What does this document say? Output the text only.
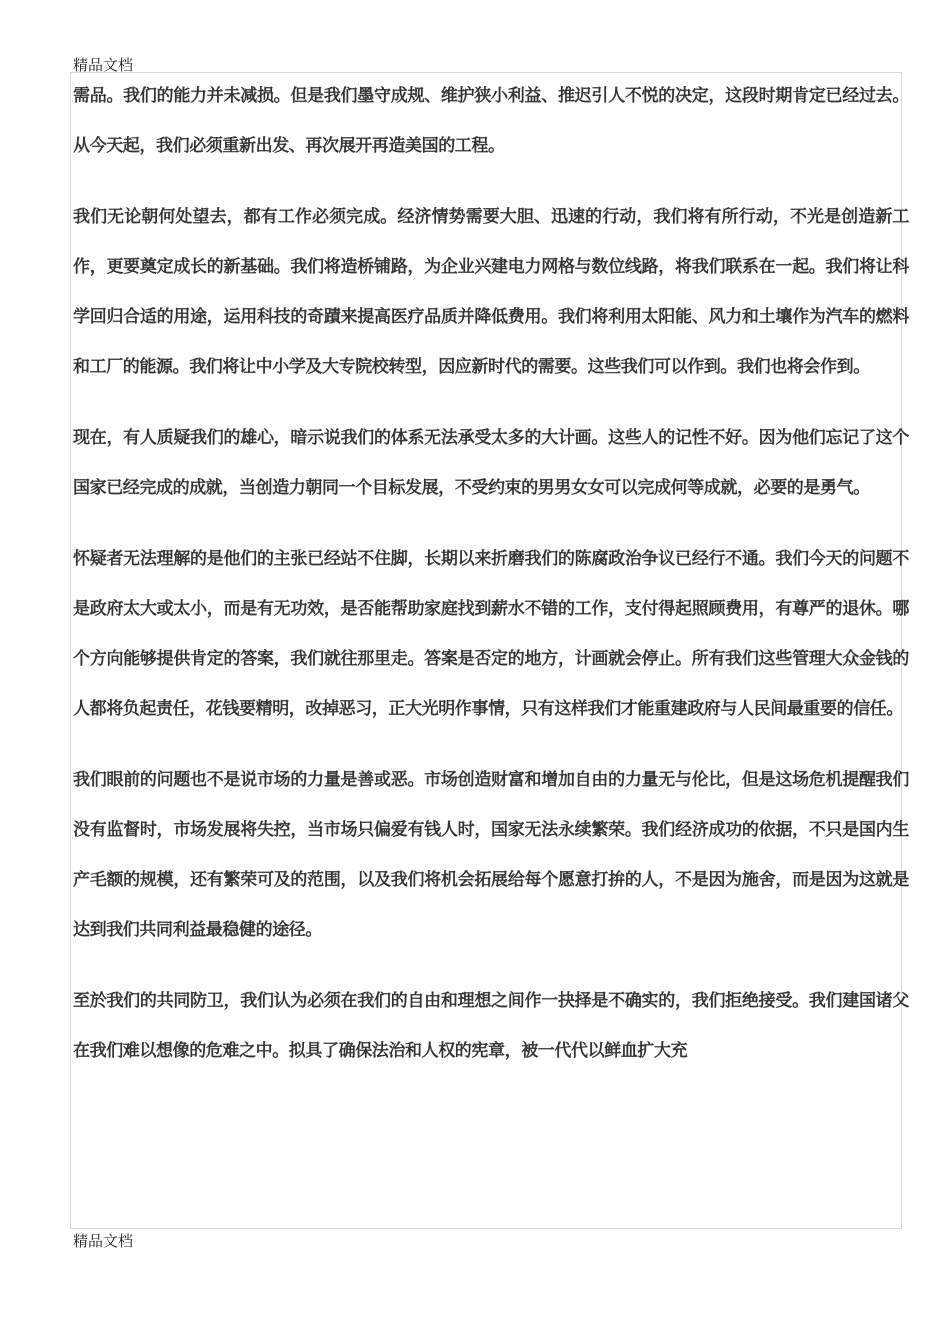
精品文档

需品。我们的能力并未减损。但是我们墨守成规、维护狭小利益、推迟引人不悦的决定，这段时期肯定已经过去。从今天起，我们必须重新出发、再次展开再造美国的工程。

我们无论朝何处望去，都有工作必须完成。经济情势需要大胆、迅速的行动，我们将有所行动，不光是创造新工作，更要奠定成长的新基础。我们将造桥铺路，为企业兴建电力网格与数位线路，将我们联系在一起。我们将让科学回归合适的用途，运用科技的奇蹟来提高医疗品质并降低费用。我们将利用太阳能、风力和土壤作为汽车的燃料和工厂的能源。我们将让中小学及大专院校转型，因应新时代的需要。这些我们可以作到。我们也将会作到。

现在，有人质疑我们的雄心，暗示说我们的体系无法承受太多的大计画。这些人的记性不好。因为他们忘记了这个国家已经完成的成就，当创造力朝同一个目标发展，不受约束的男男女女可以完成何等成就，必要的是勇气。

怀疑者无法理解的是他们的主张已经站不住脚，长期以来折磨我们的陈腐政治争议已经行不通。我们今天的问题不是政府太大或太小，而是有无功效，是否能帮助家庭找到薪水不错的工作，支付得起照顾费用，有尊严的退休。哪个方向能够提供肯定的答案，我们就往那里走。答案是否定的地方，计画就会停止。所有我们这些管理大众金钱的人都将负起责任，花钱要精明，改掉恶习，正大光明作事情，只有这样我们才能重建政府与人民间最重要的信任。

我们眼前的问题也不是说市场的力量是善或恶。市场创造财富和增加自由的力量无与伦比，但是这场危机提醒我们没有监督时，市场发展将失控，当市场只偏爱有钱人时，国家无法永续繁荣。我们经济成功的依据，不只是国内生产毛额的规模，还有繁荣可及的范围，以及我们将机会拓展给每个愿意打拚的人，不是因为施舍，而是因为这就是达到我们共同利益最稳健的途径。

至於我们的共同防卫，我们认为必须在我们的自由和理想之间作一抉择是不确实的，我们拒绝接受。我们建国诸父在我们难以想像的危难之中。拟具了确保法治和人权的宪章，被一代代以鲜血扩大充

精品文档
